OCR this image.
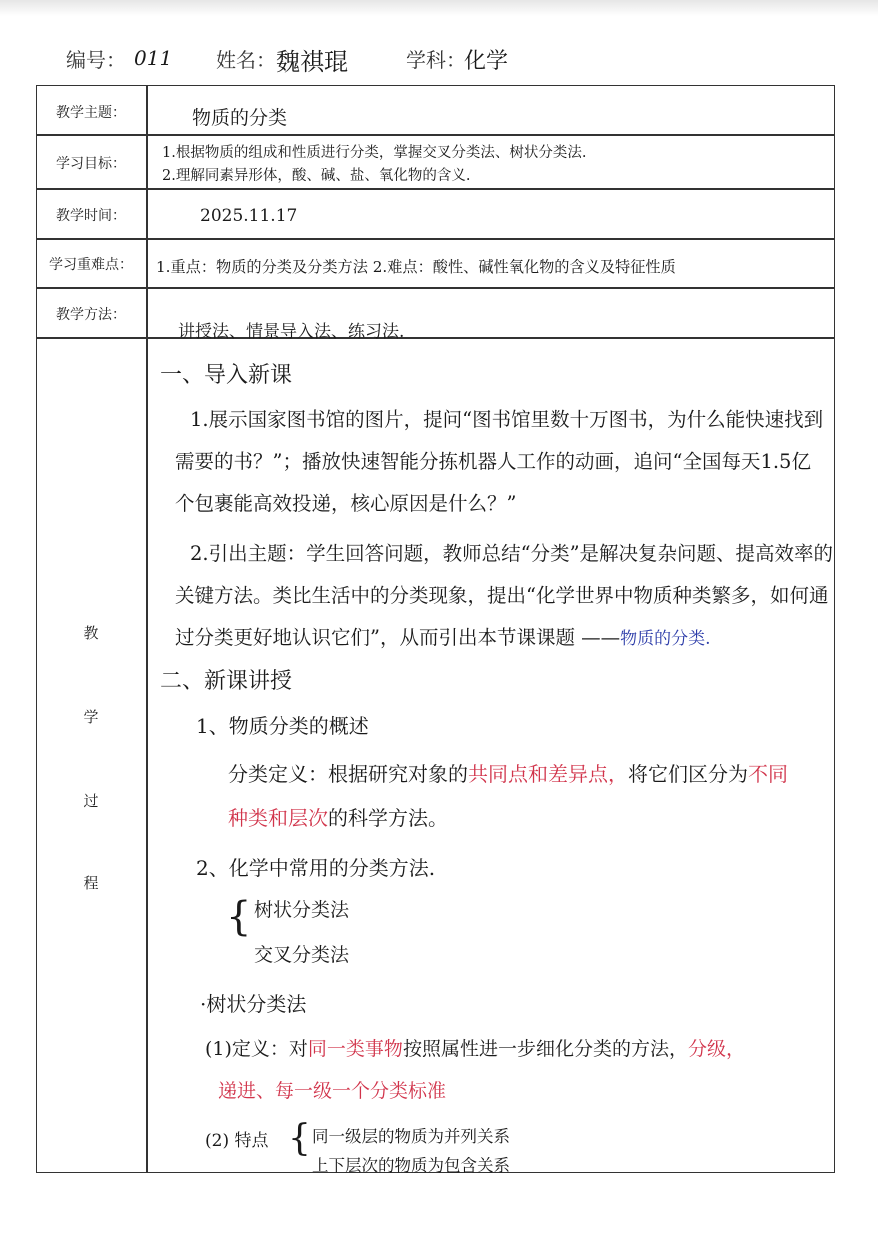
编号： 011 姓名： 魏祺琨	学科：
化学
教学主题：
学习目标：
教学时间：
学习重难点：
教学方法：
物质的分类
1.根据物质的组成和性质进行分类，掌握交叉分类法、树状分类法.
2.理解同素异形体，酸、碱、盐、氧化物的含义.
2025.11.17
1.重点：物质的分类及分类方法 2.难点：酸性、碱性氧化物的含义及特征性质
讲授法、情景导入法、练习法.
教
学
过
程
一、导入新课
1.展示国家图书馆的图片，提问“图书馆里数十万图书，为什么能快速找到
需要的书？”；播放快速智能分拣机器人工作的动画，追问“全国每天1.5亿
个包裹能高效投递，核心原因是什么？”
2.引出主题：学生回答问题，教师总结“分类”是解决复杂问题、提高效率的
关键方法。类比生活中的分类现象，提出“化学世界中物质种类繁多，如何通
过分类更好地认识它们”，从而引出本节课课题 ——物质的分类.
二、新课讲授
1、物质分类的概述
分类定义：根据研究对象的共同点和差异点，将它们区分为不同
种类和层次的科学方法。
2、化学中常用的分类方法.
{ 树状分类法
交叉分类法
·树状分类法
(1)定义：对同一类事物按照属性进一步细化分类的方法，分级，
递进、每一级一个分类标准
(2) 特点 { 同一级层的物质为并列关系
上下层次的物质为包含关系
